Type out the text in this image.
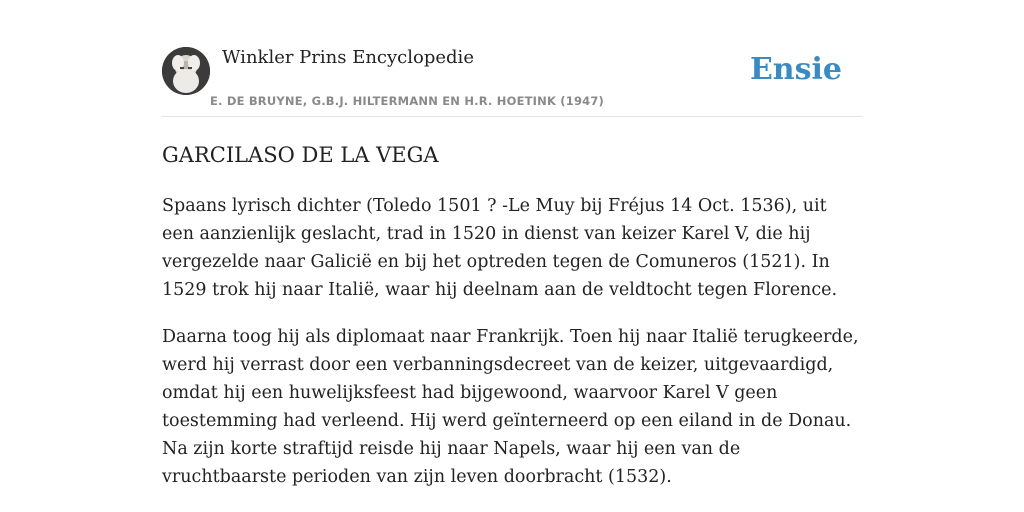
Winkler Prins Encyclopedie
E. DE BRUYNE, G.B.J. HILTERMANN EN H.R. HOETINK (1947)
Ensie
GARCILASO DE LA VEGA

Spaans lyrisch dichter (Toledo 1501 ? -Le Muy bij Fréjus 14 Oct. 1536), uit een aanzienlijk geslacht, trad in 1520 in dienst van keizer Karel V, die hij vergezelde naar Galicië en bij het optreden tegen de Comuneros (1521). In 1529 trok hij naar Italië, waar hij deelnam aan de veldtocht tegen Florence.

Daarna toog hij als diplomaat naar Frankrijk. Toen hij naar Italië terugkeerde, werd hij verrast door een verbanningsdecreet van de keizer, uitgevaardigd, omdat hij een huwelijksfeest had bijgewoond, waarvoor Karel V geen toestemming had verleend. Hij werd geïnterneerd op een eiland in de Donau. Na zijn korte straftijd reisde hij naar Napels, waar hij een van de vruchtbaarste perioden van zijn leven doorbracht (1532).
